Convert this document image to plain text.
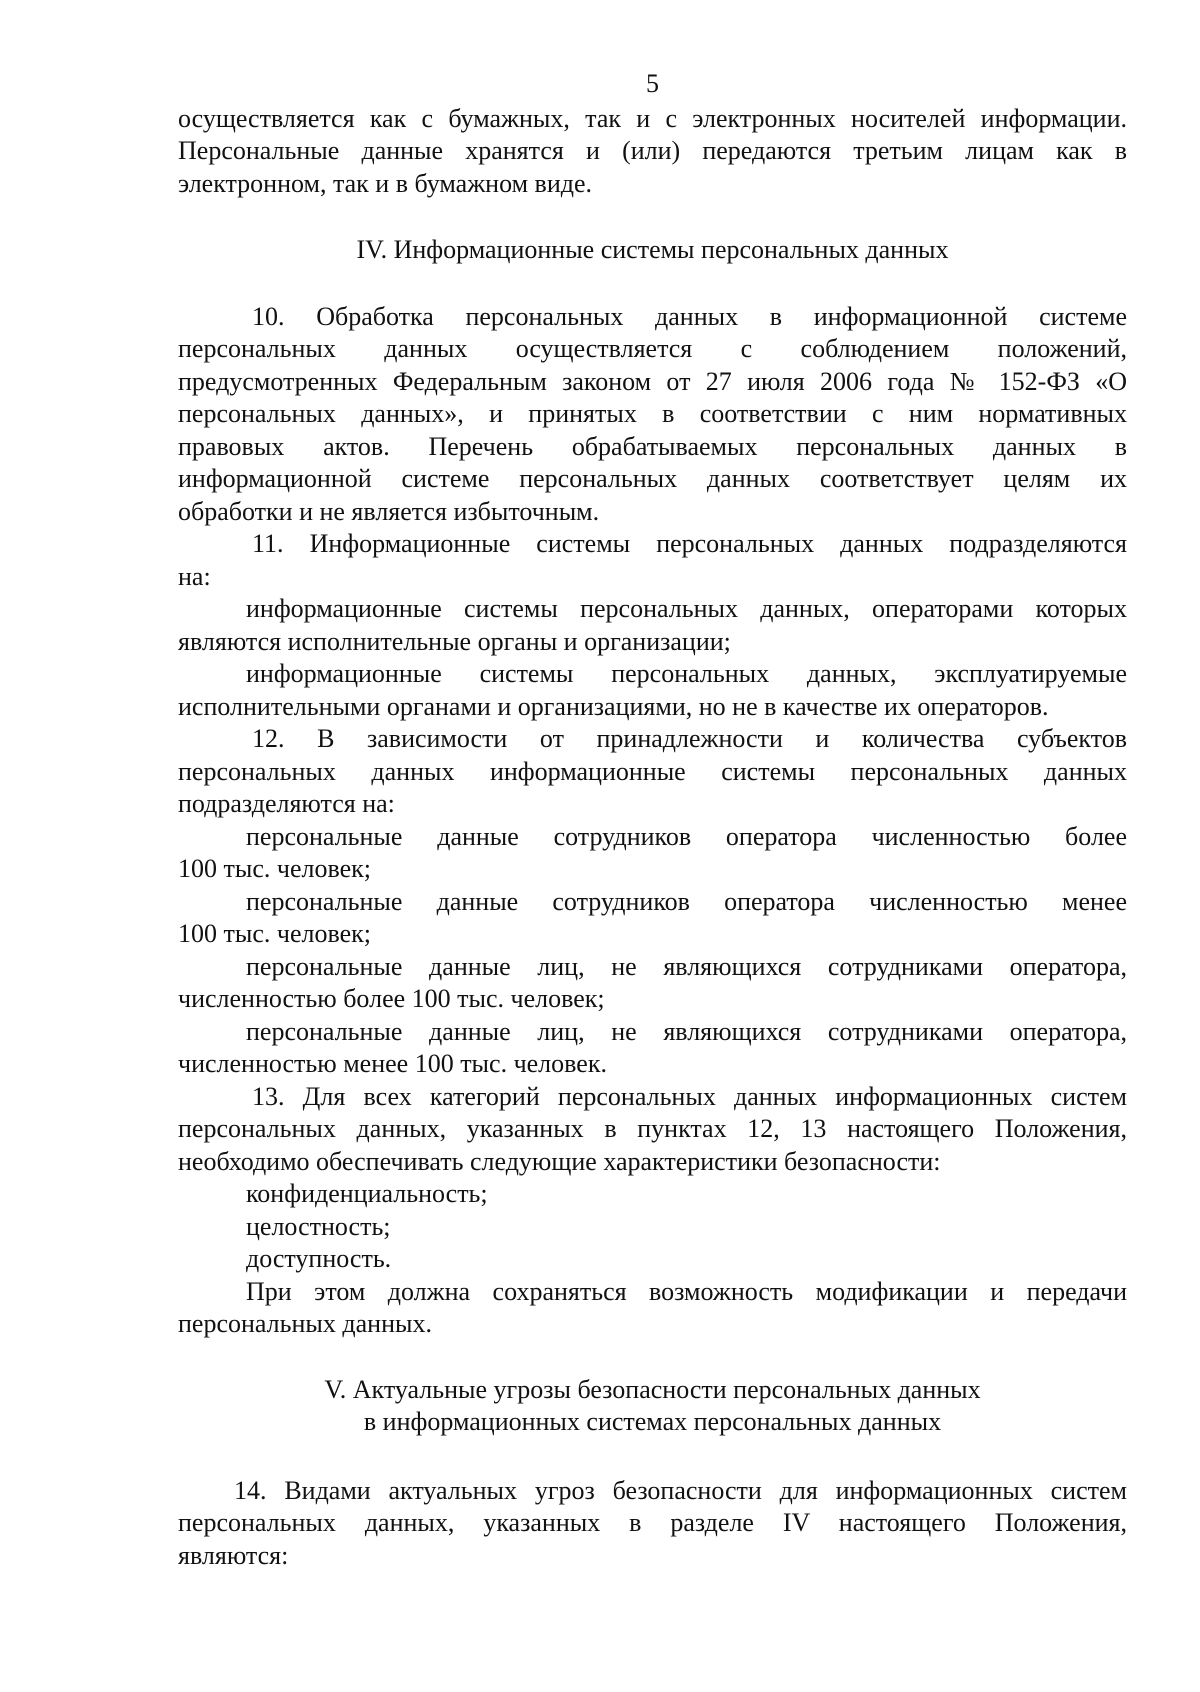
5

осуществляется как с бумажных, так и с электронных носителей информации.
Персональные данные хранятся и (или) передаются третьим лицам как в
электронном, так и в бумажном виде.

IV. Информационные системы персональных данных

10. Обработка персональных данных в информационной системе
персональных данных осуществляется с соблюдением положений,
предусмотренных Федеральным законом от 27 июля 2006 года № 152-ФЗ «О
персональных данных», и принятых в соответствии с ним нормативных
правовых актов. Перечень обрабатываемых персональных данных в
информационной системе персональных данных соответствует целям их
обработки и не является избыточным.

11. Информационные системы персональных данных подразделяются
на:

информационные системы персональных данных, операторами которых
являются исполнительные органы и организации;

информационные системы персональных данных, эксплуатируемые
исполнительными органами и организациями, но не в качестве их операторов.

12. В зависимости от принадлежности и количества субъектов
персональных данных информационные системы персональных данных
подразделяются на:

персональные данные сотрудников оператора численностью более
100 тыс. человек;

персональные данные сотрудников оператора численностью менее
100 тыс. человек;

персональные данные лиц, не являющихся сотрудниками оператора,
численностью более 100 тыс. человек;

персональные данные лиц, не являющихся сотрудниками оператора,
численностью менее 100 тыс. человек.

13. Для всех категорий персональных данных информационных систем
персональных данных, указанных в пунктах 12, 13 настоящего Положения,
необходимо обеспечивать следующие характеристики безопасности:

конфиденциальность;

целостность;

доступность.

При этом должна сохраняться возможность модификации и передачи
персональных данных.

V. Актуальные угрозы безопасности персональных данных
в информационных системах персональных данных

14. Видами актуальных угроз безопасности для информационных систем
персональных данных, указанных в разделе IV настоящего Положения,
являются:
